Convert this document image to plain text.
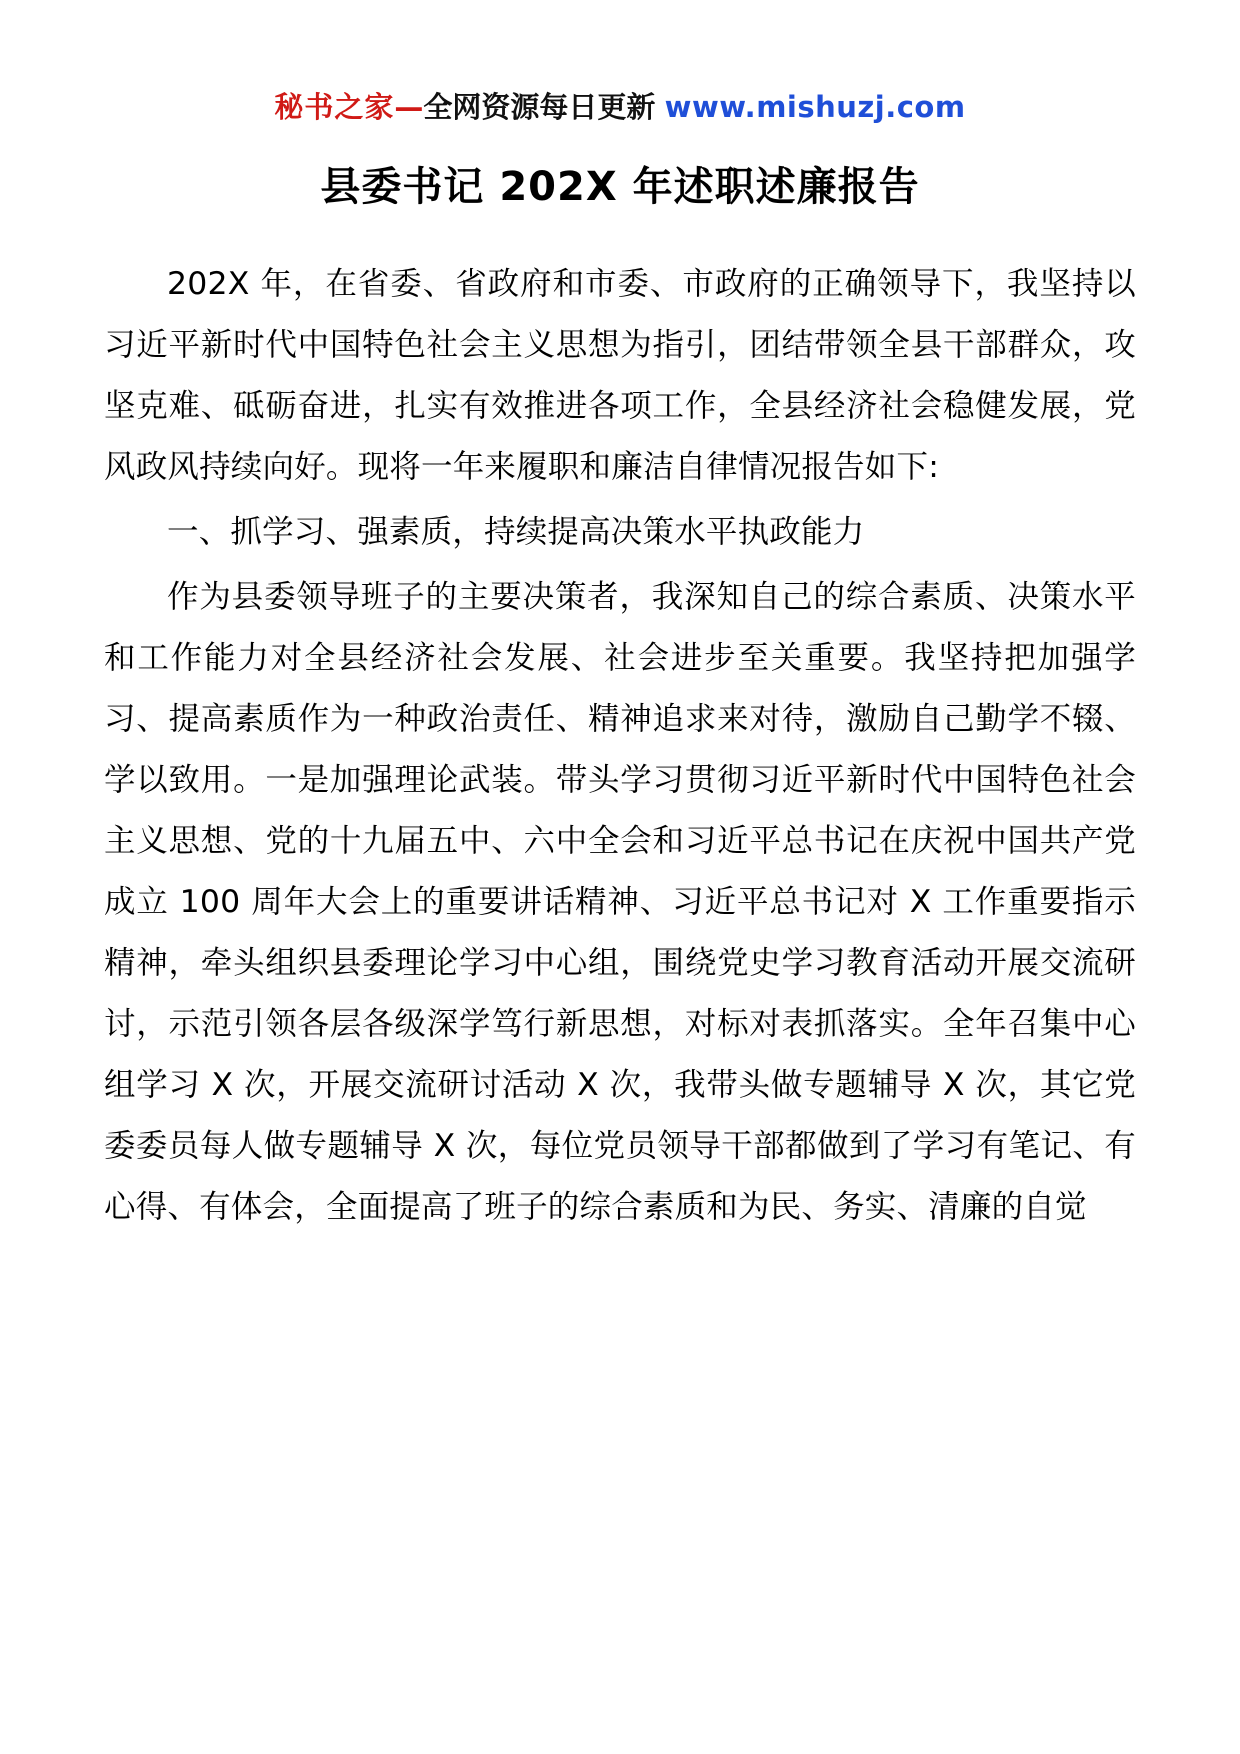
秘书之家—全网资源每日更新 www.mishuzj.com
县委书记 202X 年述职述廉报告

202X 年，在省委、省政府和市委、市政府的正确领导下，我坚持以习近平新时代中国特色社会主义思想为指引，团结带领全县干部群众，攻坚克难、砥砺奋进，扎实有效推进各项工作，全县经济社会稳健发展，党风政风持续向好。现将一年来履职和廉洁自律情况报告如下:

一、抓学习、强素质，持续提高决策水平执政能力

作为县委领导班子的主要决策者，我深知自己的综合素质、决策水平和工作能力对全县经济社会发展、社会进步至关重要。我坚持把加强学习、提高素质作为一种政治责任、精神追求来对待，激励自己勤学不辍、学以致用。一是加强理论武装。带头学习贯彻习近平新时代中国特色社会主义思想、党的十九届五中、六中全会和习近平总书记在庆祝中国共产党成立 100 周年大会上的重要讲话精神、习近平总书记对 X 工作重要指示精神，牵头组织县委理论学习中心组，围绕党史学习教育活动开展交流研讨，示范引领各层各级深学笃行新思想，对标对表抓落实。全年召集中心组学习 X 次，开展交流研讨活动 X 次，我带头做专题辅导 X 次，其它党委委员每人做专题辅导 X 次，每位党员领导干部都做到了学习有笔记、有心得、有体会，全面提高了班子的综合素质和为民、务实、清廉的自觉
